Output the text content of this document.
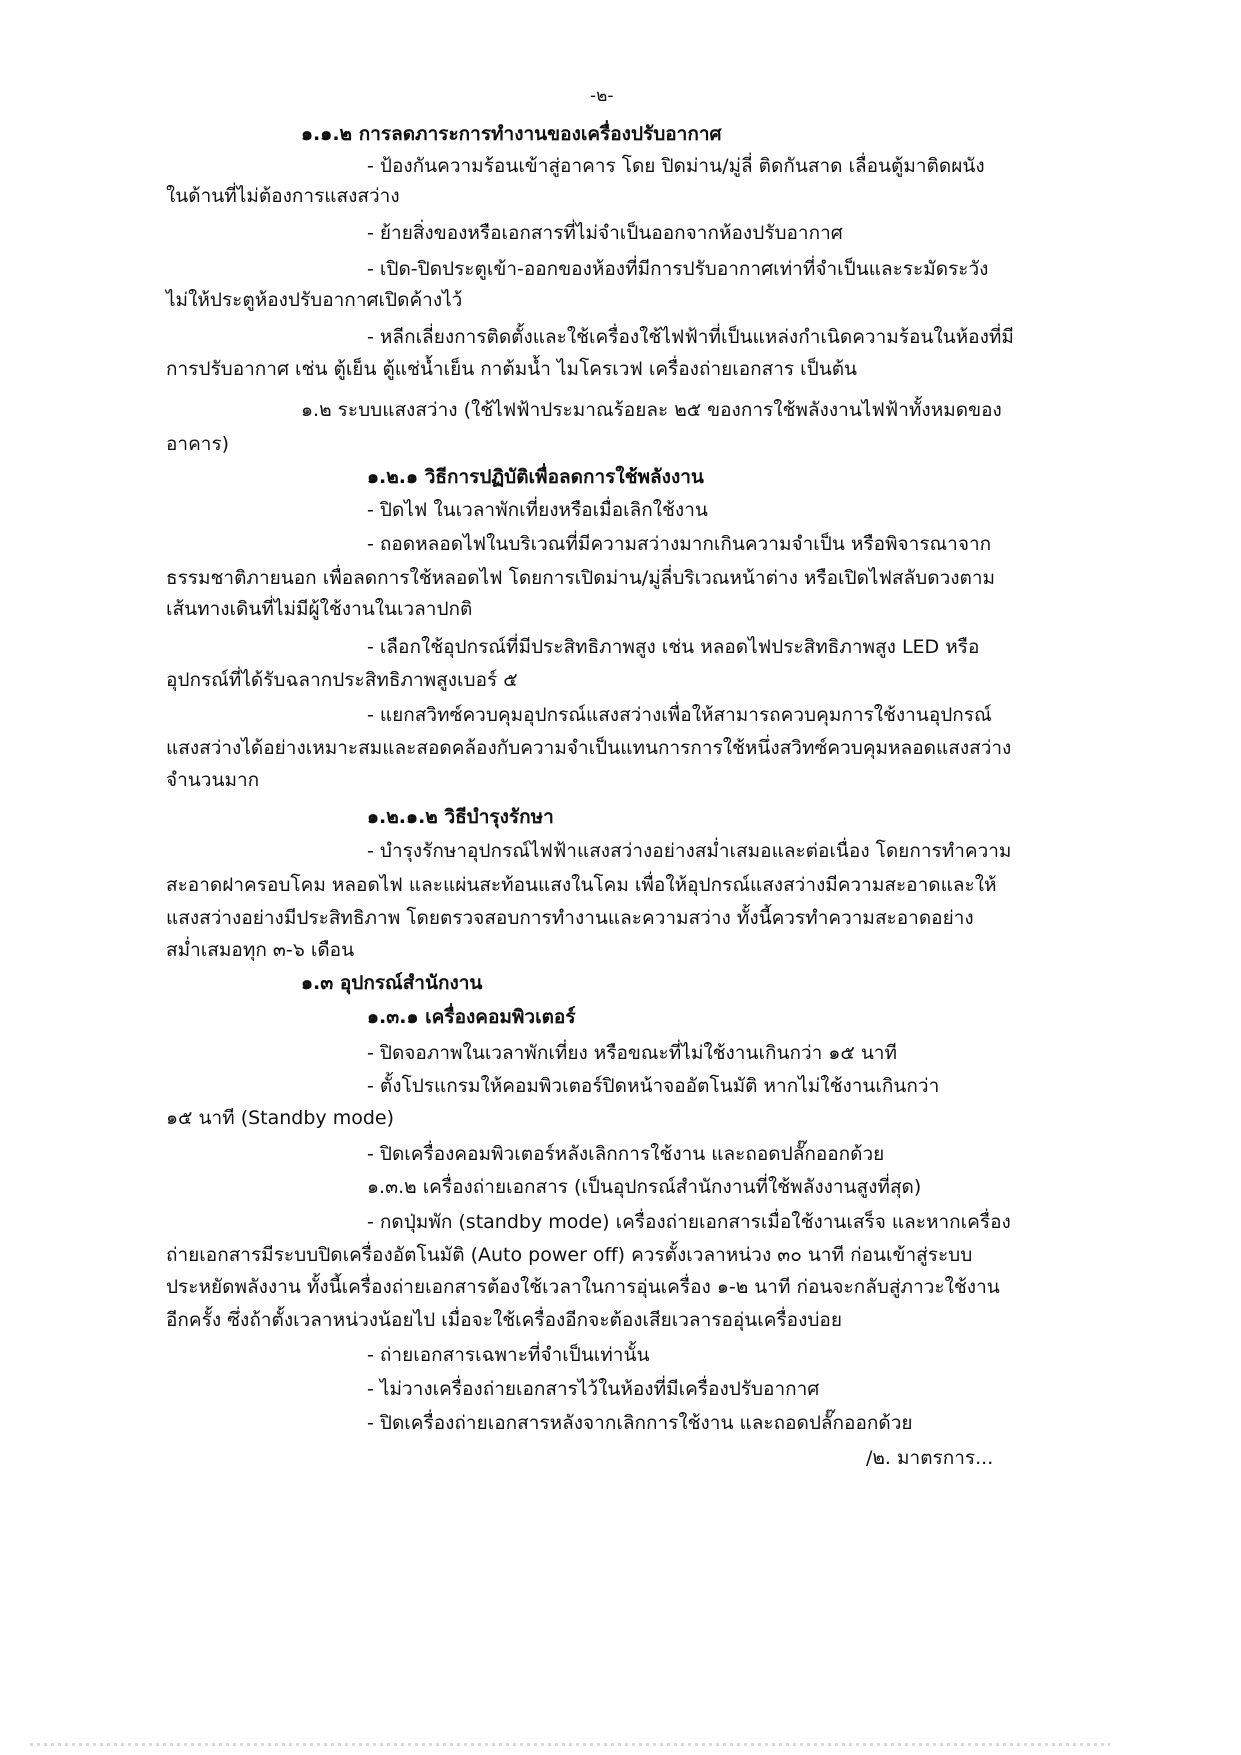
-๒-
๑.๑.๒ การลดภาระการทำงานของเครื่องปรับอากาศ
- ป้องกันความร้อนเข้าสู่อาคาร โดย ปิดม่าน/มู่ลี่ ติดกันสาด เลื่อนตู้มาติดผนัง
ในด้านที่ไม่ต้องการแสงสว่าง
- ย้ายสิ่งของหรือเอกสารที่ไม่จำเป็นออกจากห้องปรับอากาศ
- เปิด-ปิดประตูเข้า-ออกของห้องที่มีการปรับอากาศเท่าที่จำเป็นและระมัดระวัง
ไม่ให้ประตูห้องปรับอากาศเปิดค้างไว้
- หลีกเลี่ยงการติดตั้งและใช้เครื่องใช้ไฟฟ้าที่เป็นแหล่งกำเนิดความร้อนในห้องที่มี
การปรับอากาศ เช่น ตู้เย็น ตู้แช่น้ำเย็น กาต้มน้ำ ไมโครเวฟ เครื่องถ่ายเอกสาร เป็นต้น
๑.๒ ระบบแสงสว่าง (ใช้ไฟฟ้าประมาณร้อยละ ๒๕ ของการใช้พลังงานไฟฟ้าทั้งหมดของ
อาคาร)
๑.๒.๑ วิธีการปฏิบัติเพื่อลดการใช้พลังงาน
- ปิดไฟ ในเวลาพักเที่ยงหรือเมื่อเลิกใช้งาน
- ถอดหลอดไฟในบริเวณที่มีความสว่างมากเกินความจำเป็น หรือพิจารณาจาก
ธรรมชาติภายนอก เพื่อลดการใช้หลอดไฟ โดยการเปิดม่าน/มู่ลี่บริเวณหน้าต่าง หรือเปิดไฟสลับดวงตาม
เส้นทางเดินที่ไม่มีผู้ใช้งานในเวลาปกติ
- เลือกใช้อุปกรณ์ที่มีประสิทธิภาพสูง เช่น หลอดไฟประสิทธิภาพสูง LED หรือ
อุปกรณ์ที่ได้รับฉลากประสิทธิภาพสูงเบอร์ ๕
- แยกสวิทซ์ควบคุมอุปกรณ์แสงสว่างเพื่อให้สามารถควบคุมการใช้งานอุปกรณ์
แสงสว่างได้อย่างเหมาะสมและสอดคล้องกับความจำเป็นแทนการการใช้หนึ่งสวิทซ์ควบคุมหลอดแสงสว่าง
จำนวนมาก
๑.๒.๑.๒ วิธีบำรุงรักษา
- บำรุงรักษาอุปกรณ์ไฟฟ้าแสงสว่างอย่างสม่ำเสมอและต่อเนื่อง โดยการทำความ
สะอาดฝาครอบโคม หลอดไฟ และแผ่นสะท้อนแสงในโคม เพื่อให้อุปกรณ์แสงสว่างมีความสะอาดและให้
แสงสว่างอย่างมีประสิทธิภาพ โดยตรวจสอบการทำงานและความสว่าง ทั้งนี้ควรทำความสะอาดอย่าง
สม่ำเสมอทุก ๓-๖ เดือน
๑.๓ อุปกรณ์สำนักงาน
๑.๓.๑ เครื่องคอมพิวเตอร์
- ปิดจอภาพในเวลาพักเที่ยง หรือขณะที่ไม่ใช้งานเกินกว่า ๑๕ นาที
- ตั้งโปรแกรมให้คอมพิวเตอร์ปิดหน้าจออัตโนมัติ หากไม่ใช้งานเกินกว่า
๑๕ นาที (Standby mode)
- ปิดเครื่องคอมพิวเตอร์หลังเลิกการใช้งาน และถอดปลั๊กออกด้วย
๑.๓.๒ เครื่องถ่ายเอกสาร (เป็นอุปกรณ์สำนักงานที่ใช้พลังงานสูงที่สุด)
- กดปุ่มพัก (standby mode) เครื่องถ่ายเอกสารเมื่อใช้งานเสร็จ และหากเครื่อง
ถ่ายเอกสารมีระบบปิดเครื่องอัตโนมัติ (Auto power off) ควรตั้งเวลาหน่วง ๓๐ นาที ก่อนเข้าสู่ระบบ
ประหยัดพลังงาน ทั้งนี้เครื่องถ่ายเอกสารต้องใช้เวลาในการอุ่นเครื่อง ๑-๒ นาที ก่อนจะกลับสู่ภาวะใช้งาน
อีกครั้ง ซึ่งถ้าตั้งเวลาหน่วงน้อยไป เมื่อจะใช้เครื่องอีกจะต้องเสียเวลารออุ่นเครื่องบ่อย
- ถ่ายเอกสารเฉพาะที่จำเป็นเท่านั้น
- ไม่วางเครื่องถ่ายเอกสารไว้ในห้องที่มีเครื่องปรับอากาศ
- ปิดเครื่องถ่ายเอกสารหลังจากเลิกการใช้งาน และถอดปลั๊กออกด้วย
/๒. มาตรการ...
